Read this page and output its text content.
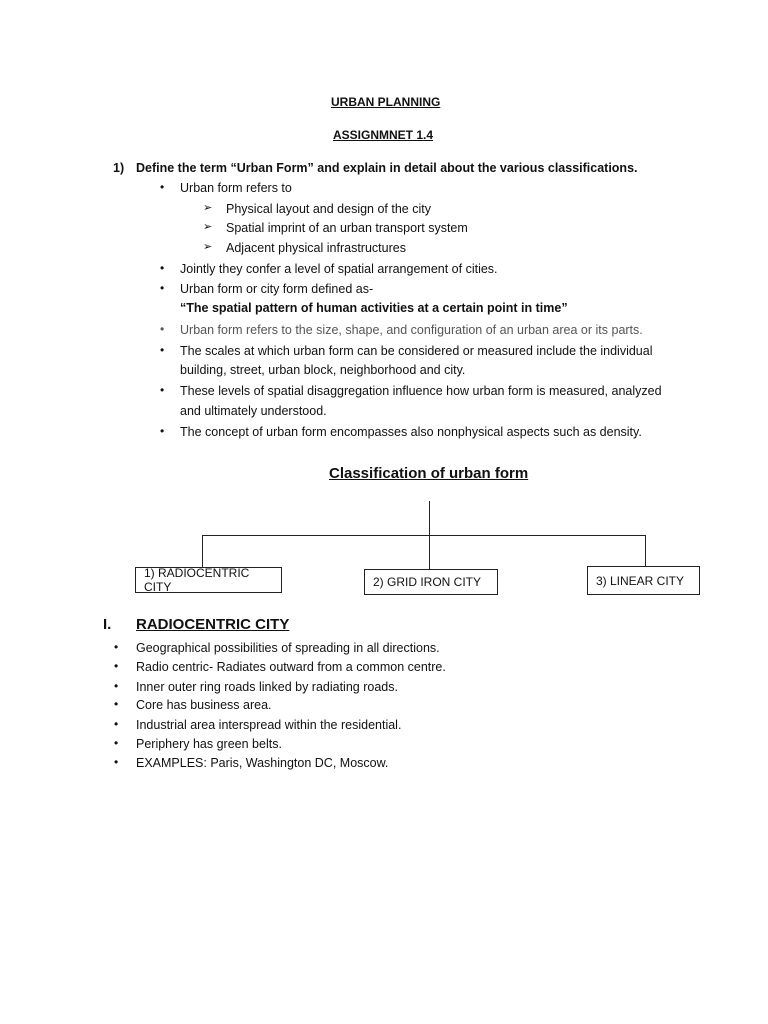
URBAN PLANNING
ASSIGNMNET 1.4
1) Define the term “Urban Form” and explain in detail about the various classifications.
• Urban form refers to
➢ Physical layout and design of the city
➢ Spatial imprint of an urban transport system
➢ Adjacent physical infrastructures
• Jointly they confer a level of spatial arrangement of cities.
• Urban form or city form defined as-
“The spatial pattern of human activities at a certain point in time”
• Urban form refers to the size, shape, and configuration of an urban area or its parts.
• The scales at which urban form can be considered or measured include the individual
building, street, urban block, neighborhood and city.
• These levels of spatial disaggregation influence how urban form is measured, analyzed
and ultimately understood.
• The concept of urban form encompasses also nonphysical aspects such as density.
Classification of urban form
1) RADIOCENTRIC CITY	2) GRID IRON CITY	3) LINEAR CITY
I. RADIOCENTRIC CITY
• Geographical possibilities of spreading in all directions.
• Radio centric- Radiates outward from a common centre.
• Inner outer ring roads linked by radiating roads.
• Core has business area.
• Industrial area interspread within the residential.
• Periphery has green belts.
• EXAMPLES: Paris, Washington DC, Moscow.
